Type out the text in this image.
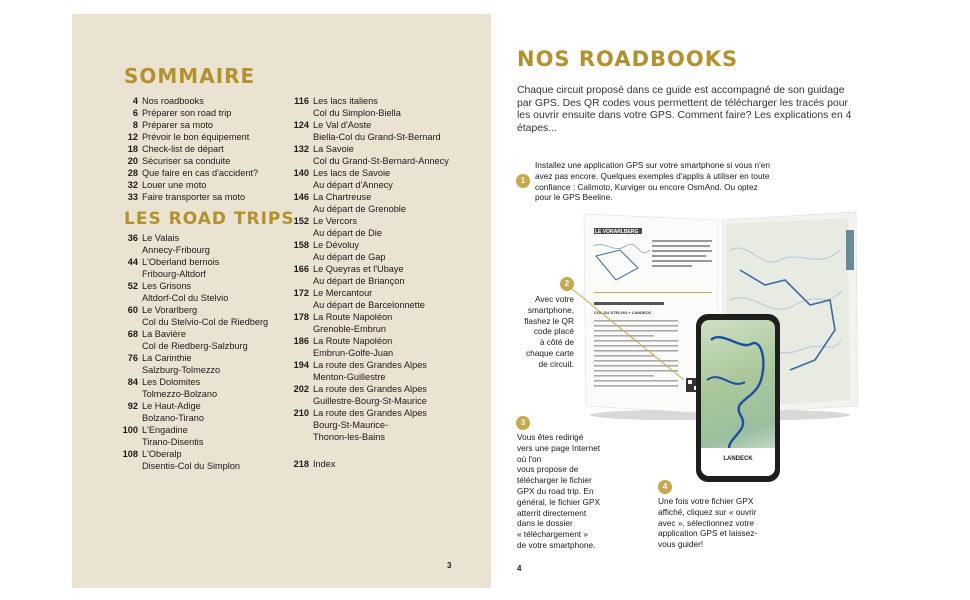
SOMMAIRE
4 Nos roadbooks
6 Préparer son road trip
8 Préparer sa moto
12 Prévoir le bon équipement
18 Check-list de départ
20 Sécuriser sa conduite
28 Que faire en cas d'accident?
32 Louer une moto
33 Faire transporter sa moto
LES ROAD TRIPS
36 Le Valais
Annecy-Fribourg
44 L'Oberland bernois
Fribourg-Altdorf
52 Les Grisons
Altdorf-Col du Stelvio
60 Le Vorarlberg
Col du Stelvio-Col de Riedberg
68 La Bavière
Col de Riedberg-Salzburg
76 La Carinthie
Salzburg-Tolmezzo
84 Les Dolomites
Tolmezzo-Bolzano
92 Le Haut-Adige
Bolzano-Tirano
100 L'Engadine
Tirano-Disentis
108 L'Oberalp
Disentis-Col du Simplon
116 Les lacs italiens
Col du Simplon-Biella
124 Le Val d'Aoste
Biella-Col du Grand-St-Bernard
132 La Savoie
Col du Grand-St-Bernard-Annecy
140 Les lacs de Savoie
Au départ d'Annecy
146 La Chartreuse
Au départ de Grenoble
152 Le Vercors
Au départ de Die
158 Le Dévoluy
Au départ de Gap
166 Le Queyras et l'Ubaye
Au départ de Briançon
172 Le Mercantour
Au départ de Barcelonnette
178 La Route Napoléon
Grenoble-Embrun
186 La Route Napoléon
Embrun-Golfe-Juan
194 La route des Grandes Alpes
Menton-Guillestre
202 La route des Grandes Alpes
Guillestre-Bourg-St-Maurice
210 La route des Grandes Alpes
Bourg-St-Maurice-
Thonon-les-Bains
218 Index
3
NOS ROADBOOKS
Chaque circuit proposé dans ce guide est accompagné de son guidage par GPS. Des QR codes vous permettent de télécharger les tracés pour les ouvrir ensuite dans votre GPS. Comment faire? Les explications en 4 étapes...
1
Installez une application GPS sur votre smartphone si vous n'en
avez pas encore. Quelques exemples d'applis à utiliser en toute
confiance : Calimoto, Kurviger ou encore OsmAnd. Ou optez
pour le GPS Beeline.
LE VORARLBERG
COL DU STELVIO > LANDECK
LANDECK
2
Avec votre
smartphone,
flashez le QR
code placé
à côté de
chaque carte
de circuit.
3
Vous êtes redirigé
vers une page Internet
où l'on
vous propose de
télécharger le fichier
GPX du road trip. En
général, le fichier GPX
atterrit directement
dans le dossier
« téléchargement »
de votre smartphone.
4
Une fois votre fichier GPX
affiché, cliquez sur « ouvrir
avec », sélectionnez votre
application GPS et laissez-
vous guider!
4
